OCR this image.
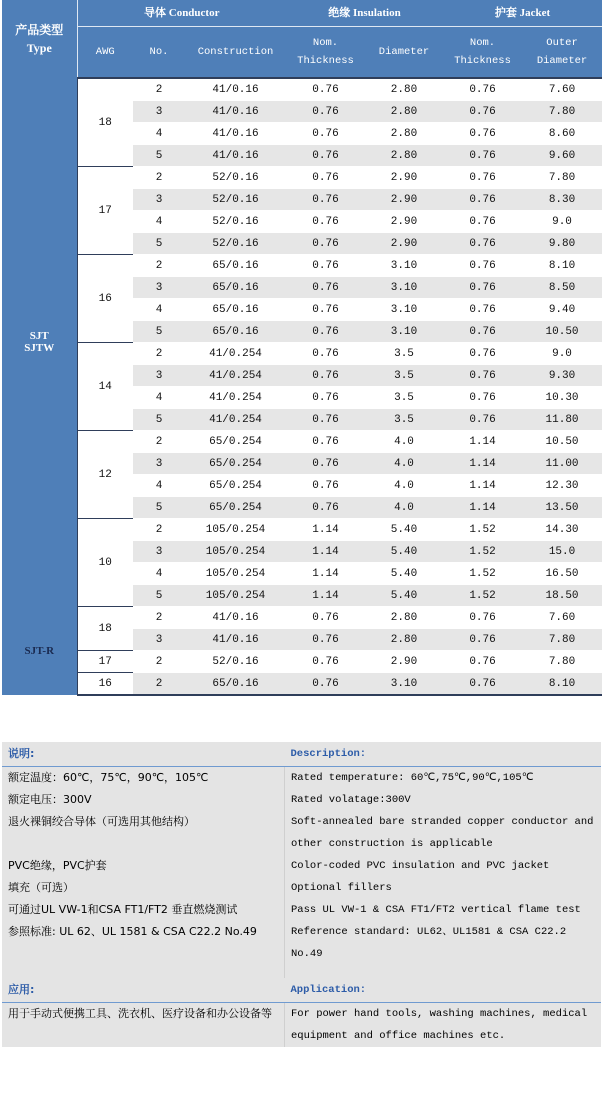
产品类型
Type	导体 Conductor			绝缘 Insulation		护套 Jacket	
	AWG	No.	Construction	Nom. Thickness	Diameter	Nom. Thickness	Outer Diameter

SJT
SJTW	18	2	41/0.16	0.76	2.80	0.76	7.60
		3	41/0.16	0.76	2.80	0.76	7.80
		4	41/0.16	0.76	2.80	0.76	8.60
		5	41/0.16	0.76	2.80	0.76	9.60
	17	2	52/0.16	0.76	2.90	0.76	7.80
		3	52/0.16	0.76	2.90	0.76	8.30
		4	52/0.16	0.76	2.90	0.76	9.0
		5	52/0.16	0.76	2.90	0.76	9.80
	16	2	65/0.16	0.76	3.10	0.76	8.10
		3	65/0.16	0.76	3.10	0.76	8.50
		4	65/0.16	0.76	3.10	0.76	9.40
		5	65/0.16	0.76	3.10	0.76	10.50
	14	2	41/0.254	0.76	3.5	0.76	9.0
		3	41/0.254	0.76	3.5	0.76	9.30
		4	41/0.254	0.76	3.5	0.76	10.30
		5	41/0.254	0.76	3.5	0.76	11.80
	12	2	65/0.254	0.76	4.0	1.14	10.50
		3	65/0.254	0.76	4.0	1.14	11.00
		4	65/0.254	0.76	4.0	1.14	12.30
		5	65/0.254	0.76	4.0	1.14	13.50
	10	2	105/0.254	1.14	5.40	1.52	14.30
		3	105/0.254	1.14	5.40	1.52	15.0
		4	105/0.254	1.14	5.40	1.52	16.50
		5	105/0.254	1.14	5.40	1.52	18.50
SJT-R	18	2	41/0.16	0.76	2.80	0.76	7.60
		3	41/0.16	0.76	2.80	0.76	7.80
	17	2	52/0.16	0.76	2.90	0.76	7.80
	16	2	65/0.16	0.76	3.10	0.76	8.10
说明:	Description:
额定温度：60℃，75℃，90℃，105℃	Rated temperature: 60℃,75℃,90℃,105℃
额定电压：300V	Rated volatage:300V
退火裸铜绞合导体（可选用其他结构）	Soft-annealed bare stranded copper conductor and other construction is applicable
PVC绝缘，PVC护套	Color-coded PVC insulation and PVC jacket
填充（可选）	Optional fillers
可通过UL VW-1和CSA FT1/FT2 垂直燃烧测试	Pass UL VW-1 & CSA FT1/FT2 vertical flame test
参照标准: UL 62、UL 1581 & CSA C22.2 No.49	Reference standard: UL62、UL1581 & CSA C22.2 No.49

应用:	Application:
用于手动式便携工具、洗衣机、医疗设备和办公设备等	For power hand tools, washing machines, medical equipment and office machines etc.
